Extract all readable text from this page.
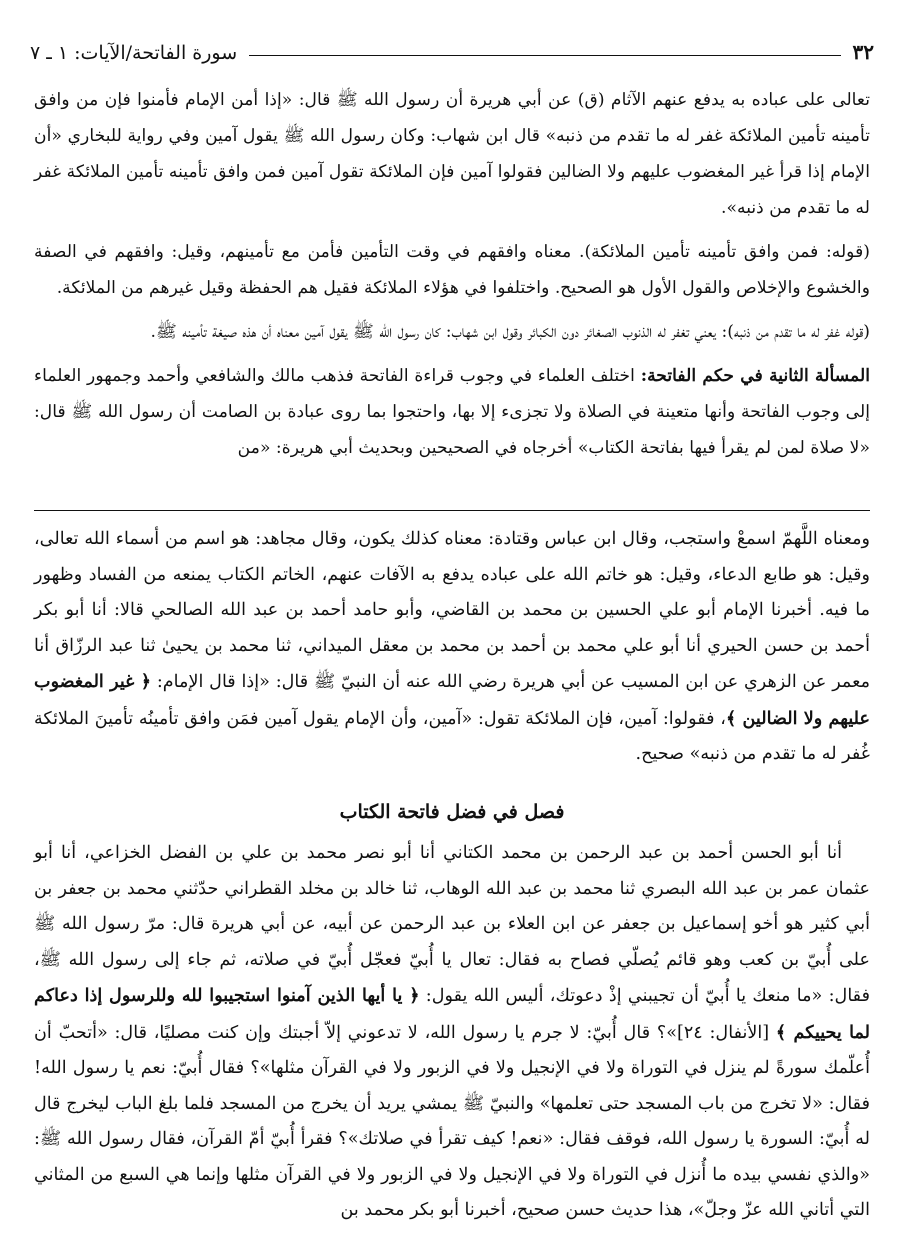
٣٢
سورة الفاتحة/الآيات: ١ ـ ٧

تعالى على عباده به يدفع عنهم الآثام (ق) عن أبي هريرة أن رسول الله ﷺ قال: «إذا أمن الإمام فأمنوا فإن من وافق تأمينه تأمين الملائكة غفر له ما تقدم من ذنبه» قال ابن شهاب: وكان رسول الله ﷺ يقول آمين وفي رواية للبخاري «أن الإمام إذا قرأ غير المغضوب عليهم ولا الضالين فقولوا آمين فإن الملائكة تقول آمين فمن وافق تأمينه تأمين الملائكة غفر له ما تقدم من ذنبه».

(قوله: فمن وافق تأمينه تأمين الملائكة). معناه وافقهم في وقت التأمين فأمن مع تأمينهم، وقيل: وافقهم في الصفة والخشوع والإخلاص والقول الأول هو الصحيح. واختلفوا في هؤلاء الملائكة فقيل هم الحفظة وقيل غيرهم من الملائكة.

(قوله غفر له ما تقدم من ذنبه): يعني تغفر له الذنوب الصغائر دون الكبائر وقول ابن شهاب: كان رسول الله ﷺ يقول آمين معناه أن هذه صيغة تأمينه ﷺ.

المسألة الثانية في حكم الفاتحة: اختلف العلماء في وجوب قراءة الفاتحة فذهب مالك والشافعي وأحمد وجمهور العلماء إلى وجوب الفاتحة وأنها متعينة في الصلاة ولا تجزىء إلا بها، واحتجوا بما روى عبادة بن الصامت أن رسول الله ﷺ قال: «لا صلاة لمن لم يقرأ فيها بفاتحة الكتاب» أخرجاه في الصحيحين وبحديث أبي هريرة: «من

ومعناه اللَّهمّ اسمعْ واستجب، وقال ابن عباس وقتادة: معناه كذلك يكون، وقال مجاهد: هو اسم من أسماء الله تعالى، وقيل: هو طابع الدعاء، وقيل: هو خاتم الله على عباده يدفع به الآفات عنهم، الخاتم الكتاب يمنعه من الفساد وظهور ما فيه. أخبرنا الإمام أبو علي الحسين بن محمد بن القاضي، وأبو حامد أحمد بن عبد الله الصالحي قالا: أنا أبو بكر أحمد بن حسن الحيري أنا أبو علي محمد بن أحمد بن محمد بن معقل الميداني، ثنا محمد بن يحيىٰ ثنا عبد الرزّاق أنا معمر عن الزهري عن ابن المسيب عن أبي هريرة رضي الله عنه أن النبيّ ﷺ قال: «إذا قال الإمام: ﴿ غير المغضوب عليهم ولا الضالين ﴾، فقولوا: آمين، فإن الملائكة تقول: «آمين، وأن الإمام يقول آمين فمَن وافق تأمينُه تأمينَ الملائكة غُفر له ما تقدم من ذنبه» صحيح.

فصل في فضل فاتحة الكتاب

أنا أبو الحسن أحمد بن عبد الرحمن بن محمد الكتاني أنا أبو نصر محمد بن علي بن الفضل الخزاعي، أنا أبو عثمان عمر بن عبد الله البصري ثنا محمد بن عبد الله الوهاب، ثنا خالد بن مخلد القطراني حدّثني محمد بن جعفر بن أبي كثير هو أخو إسماعيل بن جعفر عن ابن العلاء بن عبد الرحمن عن أبيه، عن أبي هريرة قال: مرّ رسول الله ﷺ على أُبيّ بن كعب وهو قائم يُصلّي فصاح به فقال: تعال يا أُبيّ فعجّل أُبيّ في صلاته، ثم جاء إلى رسول الله ﷺ، فقال: «ما منعك يا أُبيّ أن تجيبني إذْ دعوتك، أليس الله يقول: ﴿ يا أيها الذين آمنوا استجيبوا لله وللرسول إذا دعاكم لما يحييكم ﴾ [الأنفال: ٢٤]»؟ قال أُبيّ: لا جرم يا رسول الله، لا تدعوني إلاّ أجبتك وإن كنت مصليًا، قال: «أتحبّ أن أُعلّمك سورةً لم ينزل في التوراة ولا في الإنجيل ولا في الزبور ولا في القرآن مثلها»؟ فقال أُبيّ: نعم يا رسول الله! فقال: «لا تخرج من باب المسجد حتى تعلمها» والنبيّ ﷺ يمشي يريد أن يخرج من المسجد فلما بلغ الباب ليخرج قال له أُبيّ: السورة يا رسول الله، فوقف فقال: «نعم! كيف تقرأ في صلاتك»؟ فقرأ أُبيّ أمّ القرآن، فقال رسول الله ﷺ: «والذي نفسي بيده ما أُنزل في التوراة ولا في الإنجيل ولا في الزبور ولا في القرآن مثلها وإنما هي السبع من المثاني التي أتاني الله عزّ وجلّ»، هذا حديث حسن صحيح، أخبرنا أبو بكر محمد بن
